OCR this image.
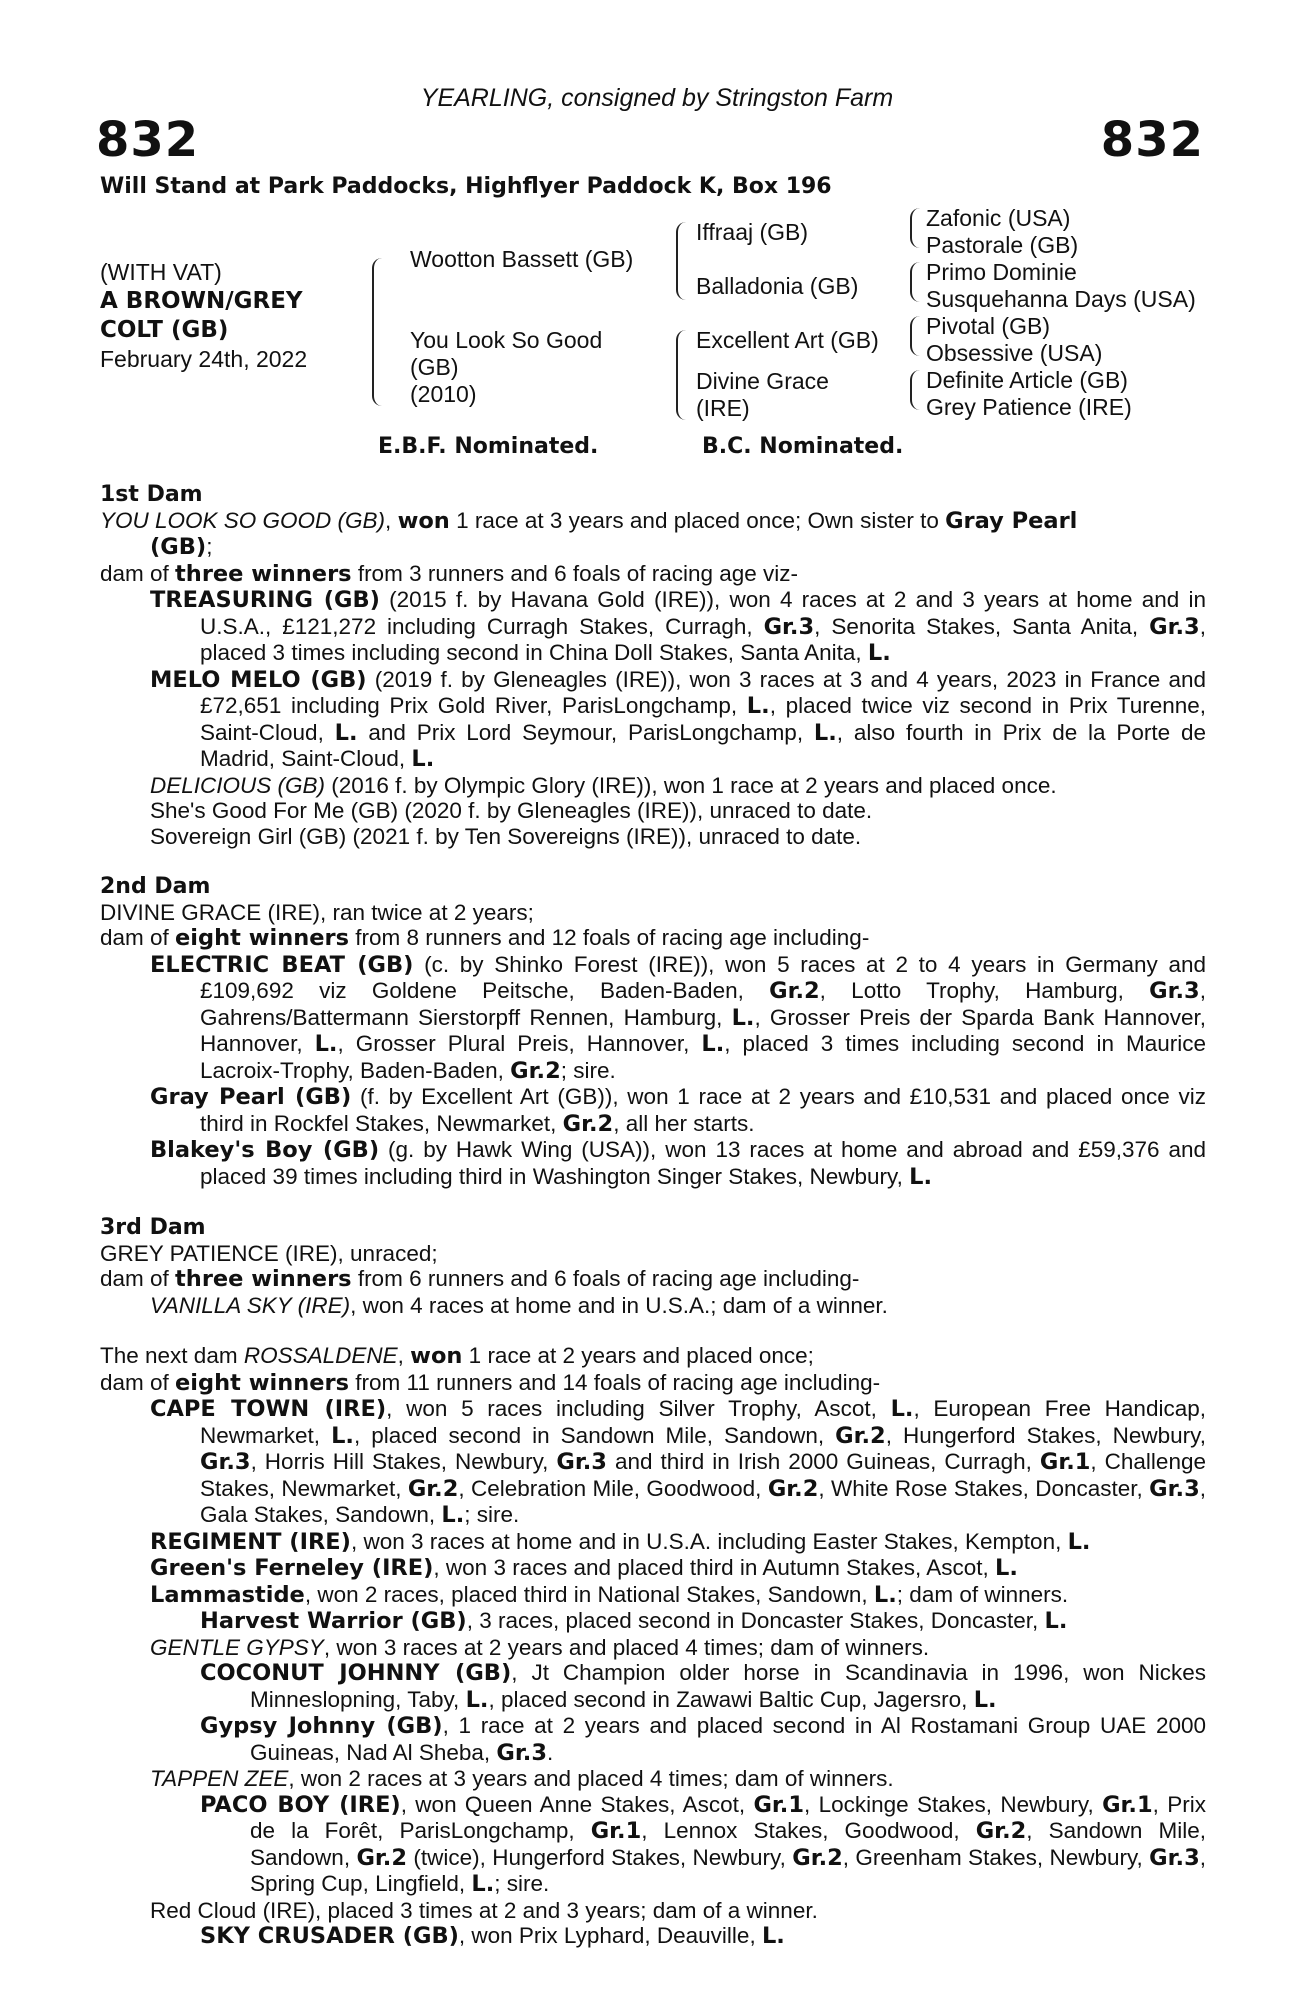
YEARLING, consigned by Stringston Farm
832	832
Will Stand at Park Paddocks, Highflyer Paddock K, Box 196
(WITH VAT)
A BROWN/GREY
COLT (GB)
February 24th, 2022
Wootton Bassett (GB)
You Look So Good
(GB)
(2010)
Iffraaj (GB)
Balladonia (GB)
Excellent Art (GB)
Divine Grace
(IRE)
Zafonic (USA)
Pastorale (GB)
Primo Dominie
Susquehanna Days (USA)
Pivotal (GB)
Obsessive (USA)
Definite Article (GB)
Grey Patience (IRE)
E.B.F. Nominated.	B.C. Nominated.

1st Dam

YOU LOOK SO GOOD (GB), won 1 race at 3 years and placed once; Own sister to Gray Pearl

(GB);

dam of three winners from 3 runners and 6 foals of racing age viz-

TREASURING (GB) (2015 f. by Havana Gold (IRE)), won 4 races at 2 and 3 years at home and in U.S.A., £121,272 including Curragh Stakes, Curragh, Gr.3, Senorita Stakes, Santa Anita, Gr.3, placed 3 times including second in China Doll Stakes, Santa Anita, L.

MELO MELO (GB) (2019 f. by Gleneagles (IRE)), won 3 races at 3 and 4 years, 2023 in France and £72,651 including Prix Gold River, ParisLongchamp, L., placed twice viz second in Prix Turenne, Saint-Cloud, L. and Prix Lord Seymour, ParisLongchamp, L., also fourth in Prix de la Porte de Madrid, Saint-Cloud, L.

DELICIOUS (GB) (2016 f. by Olympic Glory (IRE)), won 1 race at 2 years and placed once.

She's Good For Me (GB) (2020 f. by Gleneagles (IRE)), unraced to date.

Sovereign Girl (GB) (2021 f. by Ten Sovereigns (IRE)), unraced to date.

2nd Dam

DIVINE GRACE (IRE), ran twice at 2 years;

dam of eight winners from 8 runners and 12 foals of racing age including-

ELECTRIC BEAT (GB) (c. by Shinko Forest (IRE)), won 5 races at 2 to 4 years in Germany and £109,692 viz Goldene Peitsche, Baden-Baden, Gr.2, Lotto Trophy, Hamburg, Gr.3, Gahrens/Battermann Sierstorpff Rennen, Hamburg, L., Grosser Preis der Sparda Bank Hannover, Hannover, L., Grosser Plural Preis, Hannover, L., placed 3 times including second in Maurice Lacroix-Trophy, Baden-Baden, Gr.2; sire.

Gray Pearl (GB) (f. by Excellent Art (GB)), won 1 race at 2 years and £10,531 and placed once viz third in Rockfel Stakes, Newmarket, Gr.2, all her starts.

Blakey's Boy (GB) (g. by Hawk Wing (USA)), won 13 races at home and abroad and £59,376 and placed 39 times including third in Washington Singer Stakes, Newbury, L.

3rd Dam

GREY PATIENCE (IRE), unraced;

dam of three winners from 6 runners and 6 foals of racing age including-

VANILLA SKY (IRE), won 4 races at home and in U.S.A.; dam of a winner.

The next dam ROSSALDENE, won 1 race at 2 years and placed once;

dam of eight winners from 11 runners and 14 foals of racing age including-

CAPE TOWN (IRE), won 5 races including Silver Trophy, Ascot, L., European Free Handicap, Newmarket, L., placed second in Sandown Mile, Sandown, Gr.2, Hungerford Stakes, Newbury, Gr.3, Horris Hill Stakes, Newbury, Gr.3 and third in Irish 2000 Guineas, Curragh, Gr.1, Challenge Stakes, Newmarket, Gr.2, Celebration Mile, Goodwood, Gr.2, White Rose Stakes, Doncaster, Gr.3, Gala Stakes, Sandown, L.; sire.

REGIMENT (IRE), won 3 races at home and in U.S.A. including Easter Stakes, Kempton, L.

Green's Ferneley (IRE), won 3 races and placed third in Autumn Stakes, Ascot, L.

Lammastide, won 2 races, placed third in National Stakes, Sandown, L.; dam of winners.

Harvest Warrior (GB), 3 races, placed second in Doncaster Stakes, Doncaster, L.

GENTLE GYPSY, won 3 races at 2 years and placed 4 times; dam of winners.

COCONUT JOHNNY (GB), Jt Champion older horse in Scandinavia in 1996, won Nickes Minneslopning, Taby, L., placed second in Zawawi Baltic Cup, Jagersro, L.

Gypsy Johnny (GB), 1 race at 2 years and placed second in Al Rostamani Group UAE 2000 Guineas, Nad Al Sheba, Gr.3.

TAPPEN ZEE, won 2 races at 3 years and placed 4 times; dam of winners.

PACO BOY (IRE), won Queen Anne Stakes, Ascot, Gr.1, Lockinge Stakes, Newbury, Gr.1, Prix de la Forêt, ParisLongchamp, Gr.1, Lennox Stakes, Goodwood, Gr.2, Sandown Mile, Sandown, Gr.2 (twice), Hungerford Stakes, Newbury, Gr.2, Greenham Stakes, Newbury, Gr.3, Spring Cup, Lingfield, L.; sire.

Red Cloud (IRE), placed 3 times at 2 and 3 years; dam of a winner.

SKY CRUSADER (GB), won Prix Lyphard, Deauville, L.
